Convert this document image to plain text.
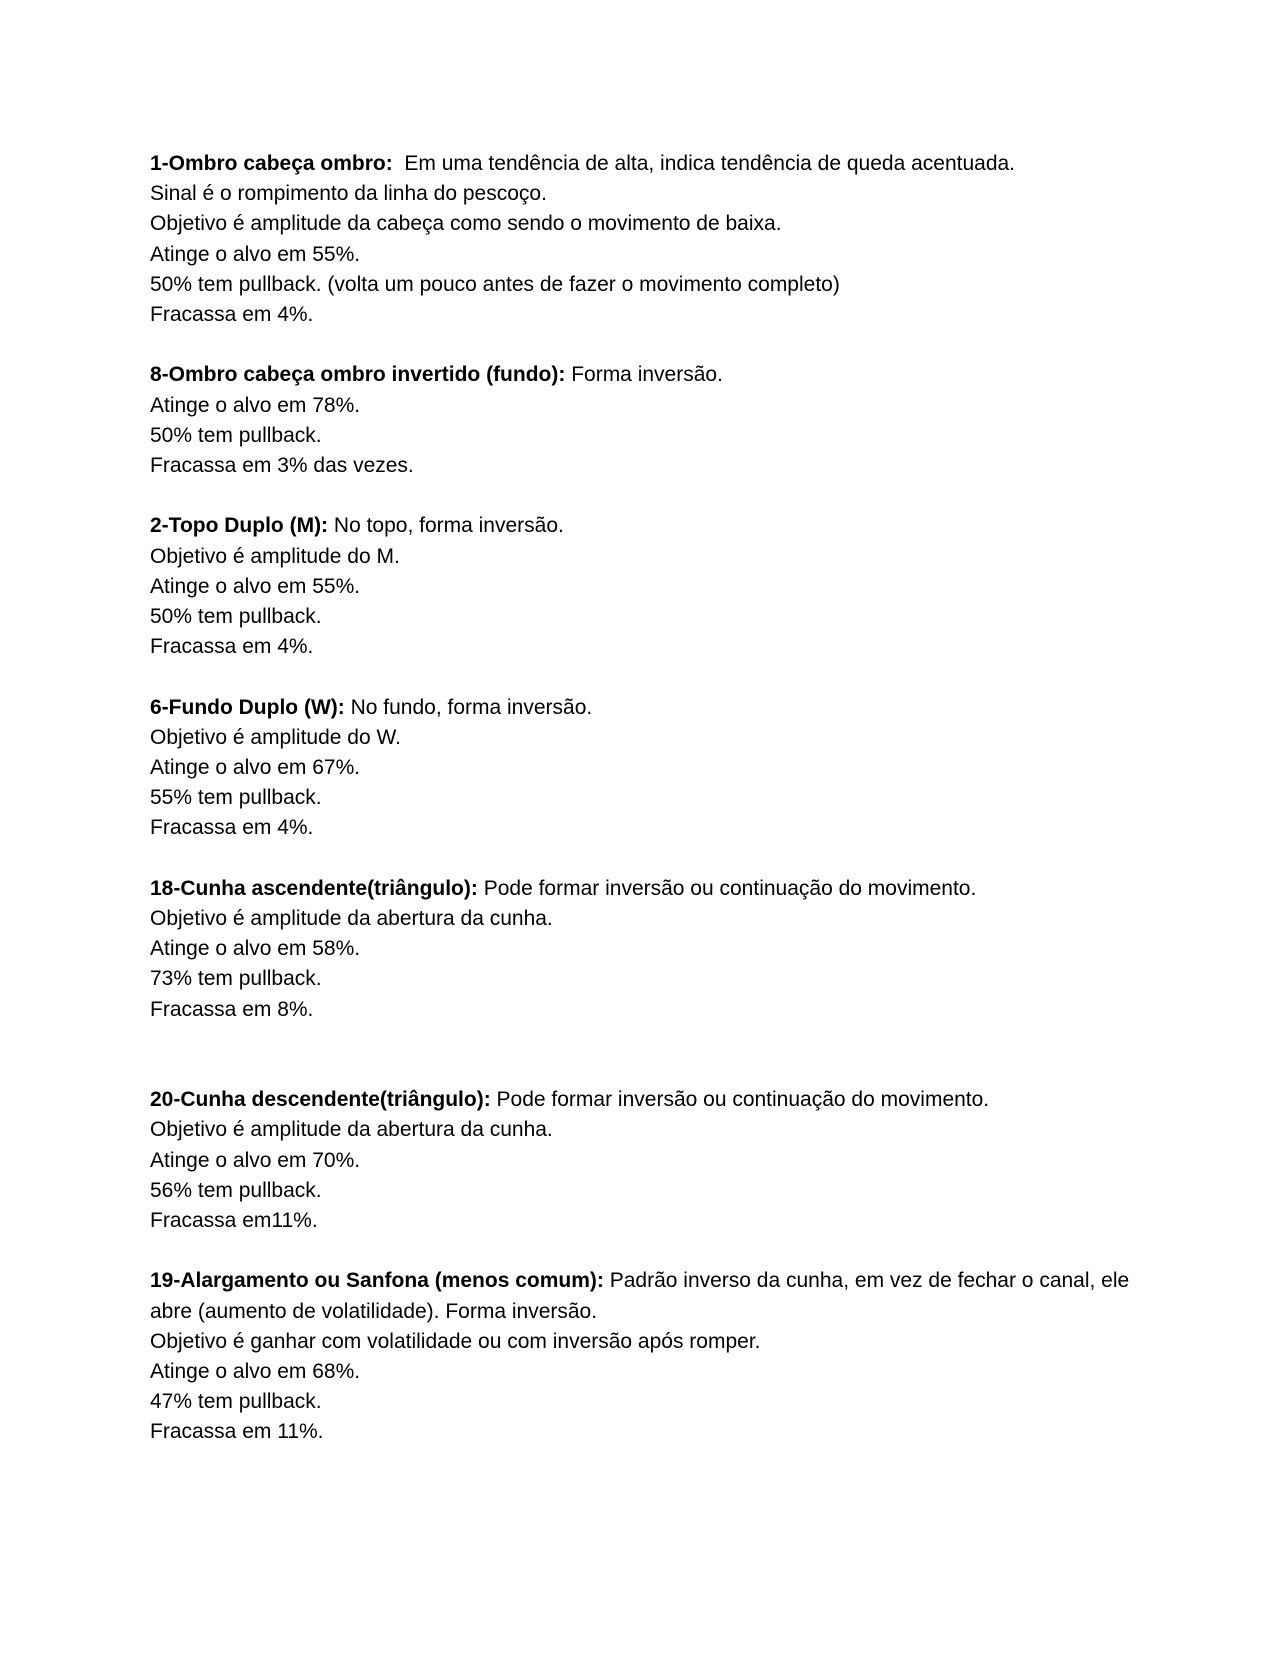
1-Ombro cabeça ombro:  Em uma tendência de alta, indica tendência de queda acentuada.

Sinal é o rompimento da linha do pescoço.

Objetivo é amplitude da cabeça como sendo o movimento de baixa.

Atinge o alvo em 55%.

50% tem pullback. (volta um pouco antes de fazer o movimento completo)

Fracassa em 4%.

8-Ombro cabeça ombro invertido (fundo): Forma inversão.

Atinge o alvo em 78%.

50% tem pullback.

Fracassa em 3% das vezes.

2-Topo Duplo (M): No topo, forma inversão.

Objetivo é amplitude do M.

Atinge o alvo em 55%.

50% tem pullback.

Fracassa em 4%.

6-Fundo Duplo (W): No fundo, forma inversão.

Objetivo é amplitude do W.

Atinge o alvo em 67%.

55% tem pullback.

Fracassa em 4%.

18-Cunha ascendente(triângulo): Pode formar inversão ou continuação do movimento.

Objetivo é amplitude da abertura da cunha.

Atinge o alvo em 58%.

73% tem pullback.

Fracassa em 8%.

20-Cunha descendente(triângulo): Pode formar inversão ou continuação do movimento.

Objetivo é amplitude da abertura da cunha.

Atinge o alvo em 70%.

56% tem pullback.

Fracassa em11%.

19-Alargamento ou Sanfona (menos comum): Padrão inverso da cunha, em vez de fechar o canal, ele abre (aumento de volatilidade). Forma inversão.

Objetivo é ganhar com volatilidade ou com inversão após romper.

Atinge o alvo em 68%.

47% tem pullback.

Fracassa em 11%.
